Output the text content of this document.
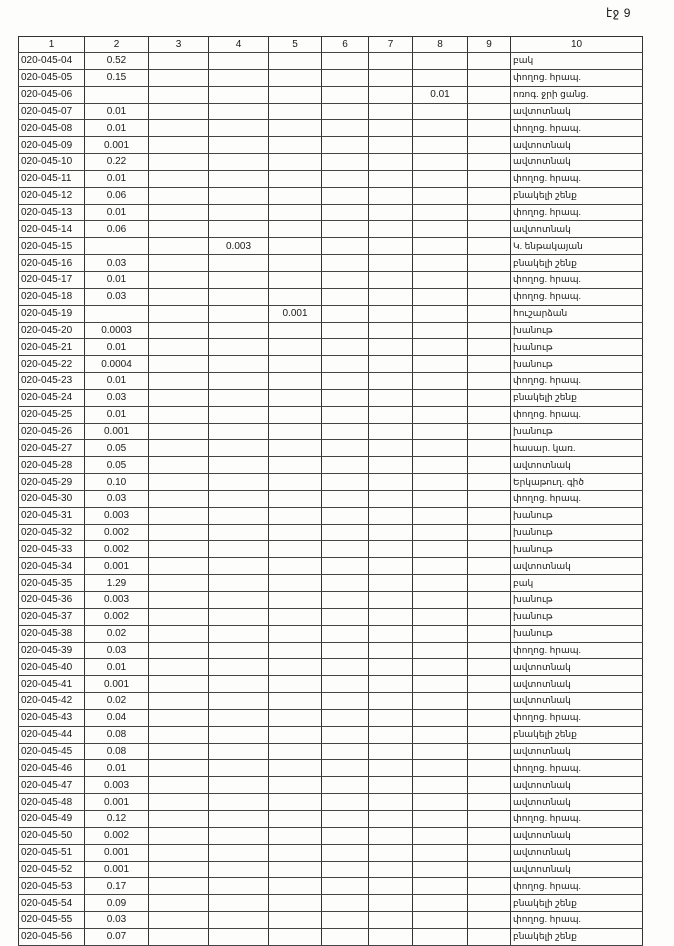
էջ 9
1	2	3	4	5	6	7	8	9	10
020-045-04	0.52								բակ
020-045-05	0.15								փողոց. հրապ.
020-045-06							0.01		ոռոգ. ջրի ցանց.
020-045-07	0.01								ավտոտնակ
020-045-08	0.01								փողոց. հրապ.
020-045-09	0.001								ավտոտնակ
020-045-10	0.22								ավտոտնակ
020-045-11	0.01								փողոց. հրապ.
020-045-12	0.06								բնակելի շենք
020-045-13	0.01								փողոց. հրապ.
020-045-14	0.06								ավտոտնակ
020-045-15			0.003						Կ. ենթակայան
020-045-16	0.03								բնակելի շենք
020-045-17	0.01								փողոց. հրապ.
020-045-18	0.03								փողոց. հրապ.
020-045-19				0.001					հուշարձան
020-045-20	0.0003								խանութ
020-045-21	0.01								խանութ
020-045-22	0.0004								խանութ
020-045-23	0.01								փողոց. հրապ.
020-045-24	0.03								բնակելի շենք
020-045-25	0.01								փողոց. հրապ.
020-045-26	0.001								խանութ
020-045-27	0.05								հասար. կառ.
020-045-28	0.05								ավտոտնակ
020-045-29	0.10								Երկաթուղ. գիծ
020-045-30	0.03								փողոց. հրապ.
020-045-31	0.003								խանութ
020-045-32	0.002								խանութ
020-045-33	0.002								խանութ
020-045-34	0.001								ավտոտնակ
020-045-35	1.29								բակ
020-045-36	0.003								խանութ
020-045-37	0.002								խանութ
020-045-38	0.02								խանութ
020-045-39	0.03								փողոց. հրապ.
020-045-40	0.01								ավտոտնակ
020-045-41	0.001								ավտոտնակ
020-045-42	0.02								ավտոտնակ
020-045-43	0.04								փողոց. հրապ.
020-045-44	0.08								բնակելի շենք
020-045-45	0.08								ավտոտնակ
020-045-46	0.01								փողոց. հրապ.
020-045-47	0.003								ավտոտնակ
020-045-48	0.001								ավտոտնակ
020-045-49	0.12								փողոց. հրապ.
020-045-50	0.002								ավտոտնակ
020-045-51	0.001								ավտոտնակ
020-045-52	0.001								ավտոտնակ
020-045-53	0.17								փողոց. հրապ.
020-045-54	0.09								բնակելի շենք
020-045-55	0.03								փողոց. հրապ.
020-045-56	0.07								բնակելի շենք
